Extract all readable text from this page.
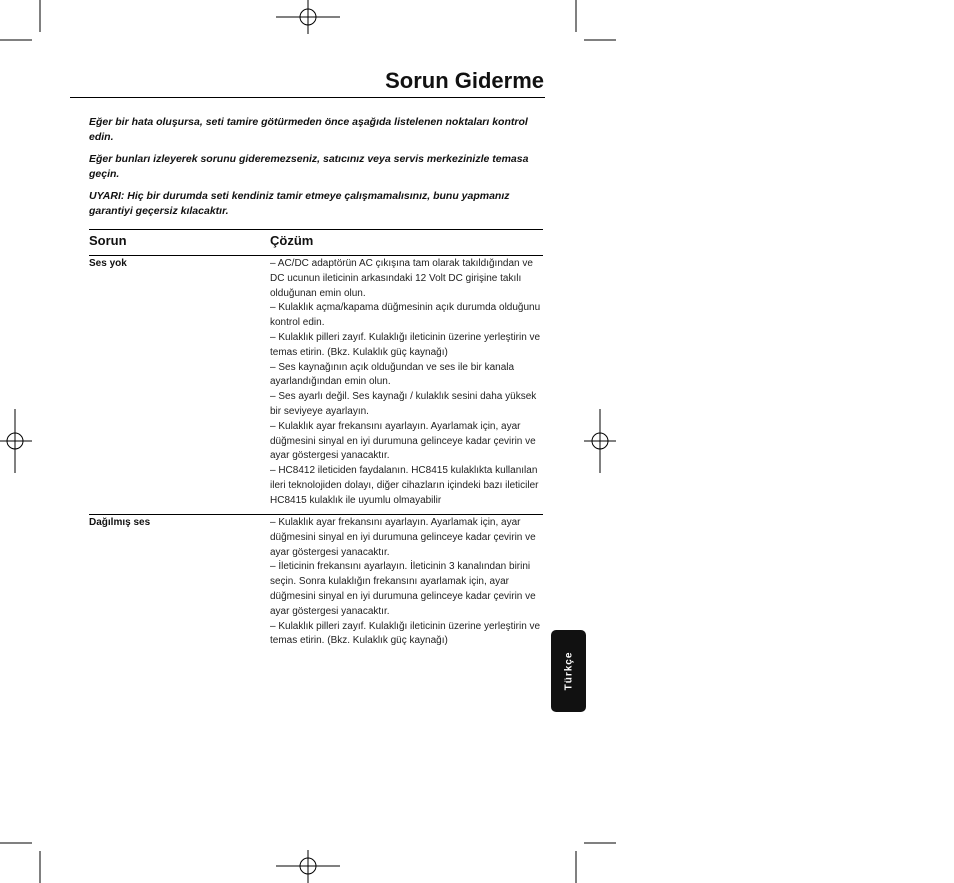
Sorun Giderme

Eğer bir hata oluşursa, seti tamire götürmeden önce aşağıda listelenen noktaları kontrol edin.

Eğer bunları izleyerek sorunu gideremezseniz, satıcınız veya servis merkezinizle temasa geçin.

UYARI: Hiç bir durumda seti kendiniz tamir etmeye çalışmamalısınız, bunu yapmanız garantiyi geçersiz kılacaktır.

Sorun	Çözüm
Ses yok	– AC/DC adaptörün AC çıkışına tam olarak takıldığından ve DC ucunun ileticinin arkasındaki 12 Volt DC girişine takılı olduğunan emin olun.

– Kulaklık açma/kapama düğmesinin açık durumda olduğunu kontrol edin.

– Kulaklık pilleri zayıf. Kulaklığı ileticinin üzerine yerleştirin ve temas etirin. (Bkz. Kulaklık güç kaynağı)

– Ses kaynağının açık olduğundan ve ses ile bir kanala ayarlandığından emin olun.

– Ses ayarlı değil. Ses kaynağı / kulaklık sesini daha yüksek bir seviyeye ayarlayın.

– Kulaklık ayar frekansını ayarlayın. Ayarlamak için, ayar düğmesini sinyal en iyi durumuna gelinceye kadar çevirin ve ayar göstergesi yanacaktır.

– HC8412 ileticiden faydalanın. HC8415 kulaklıkta kullanılan ileri teknolojiden dolayı, diğer cihazların içindeki bazı ileticiler HC8415 kulaklık ile uyumlu olmayabilir

Dağılmış ses	– Kulaklık ayar frekansını ayarlayın. Ayarlamak için, ayar düğmesini sinyal en iyi durumuna gelinceye kadar çevirin ve ayar göstergesi yanacaktır.

– İleticinin frekansını ayarlayın. İleticinin 3 kanalından birini seçin. Sonra kulaklığın frekansını ayarlamak için, ayar düğmesini sinyal en iyi durumuna gelinceye kadar çevirin ve ayar göstergesi yanacaktır.

– Kulaklık pilleri zayıf. Kulaklığı ileticinin üzerine yerleştirin ve temas etirin. (Bkz. Kulaklık güç kaynağı)

Türkçe
